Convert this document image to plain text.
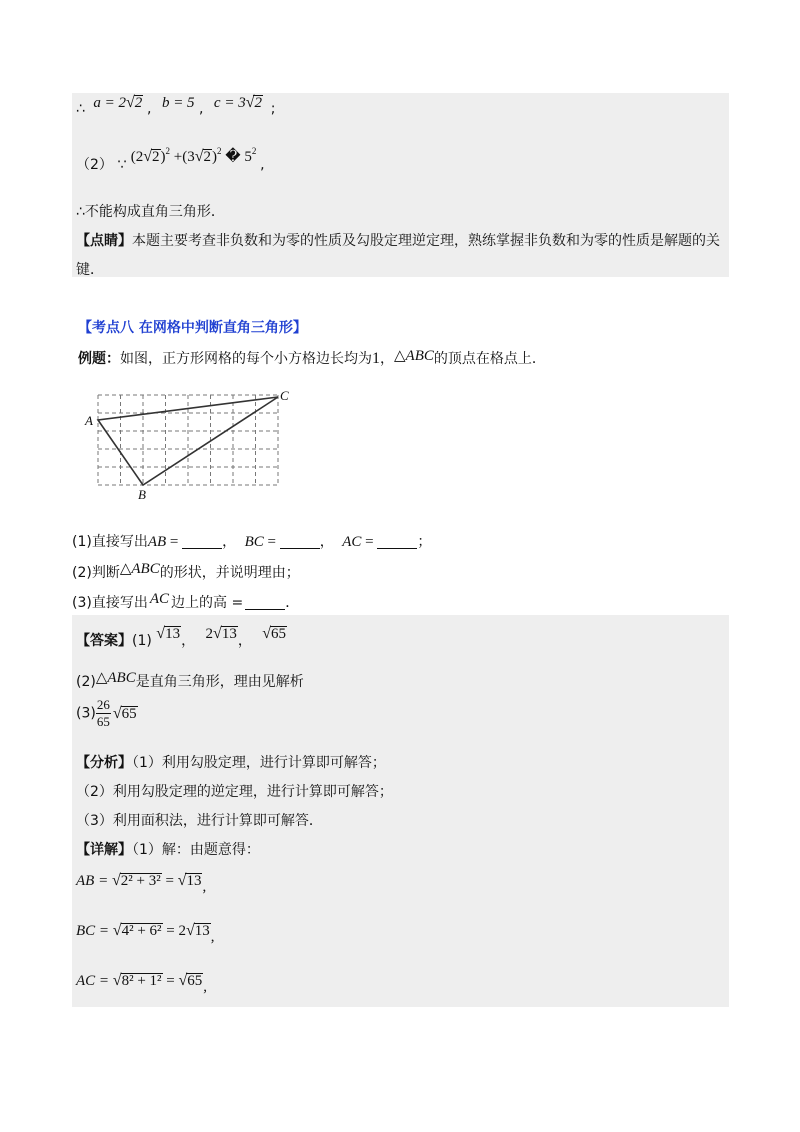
∴ a = 2√2 , b = 5 , c = 3√2 ;
（2） ∵ $(2√2)^2 +(3√2)^2$ � $5^2$ ,
∴不能构成直角三角形．
【点睛】本题主要考查非负数和为零的性质及勾股定理逆定理，熟练掌握非负数和为零的性质是解题的关
键．
【考点八 在网格中判断直角三角形】
例题：如图，正方形网格的每个小方格边长均为1，△ABC的顶点在格点上．
A
B
C
(1)直接写出AB =	， BC =	， AC =	；
(2)判断△ABC的形状，并说明理由；
(3)直接写出 AC 边上的高 =	．
【答案】(1) √13， 2√13， √65
(2)△ABC是直角三角形，理由见解析
$(3) \frac{26}{65} √65$
【分析】（1）利用勾股定理，进行计算即可解答；
（2）利用勾股定理的逆定理，进行计算即可解答；
（3）利用面积法，进行计算即可解答．
【详解】（1）解：由题意得：
AB = √2² + 3² = √13,
BC = √4² + 6² = 2√13,
AC = √8² + 1² = √65,
